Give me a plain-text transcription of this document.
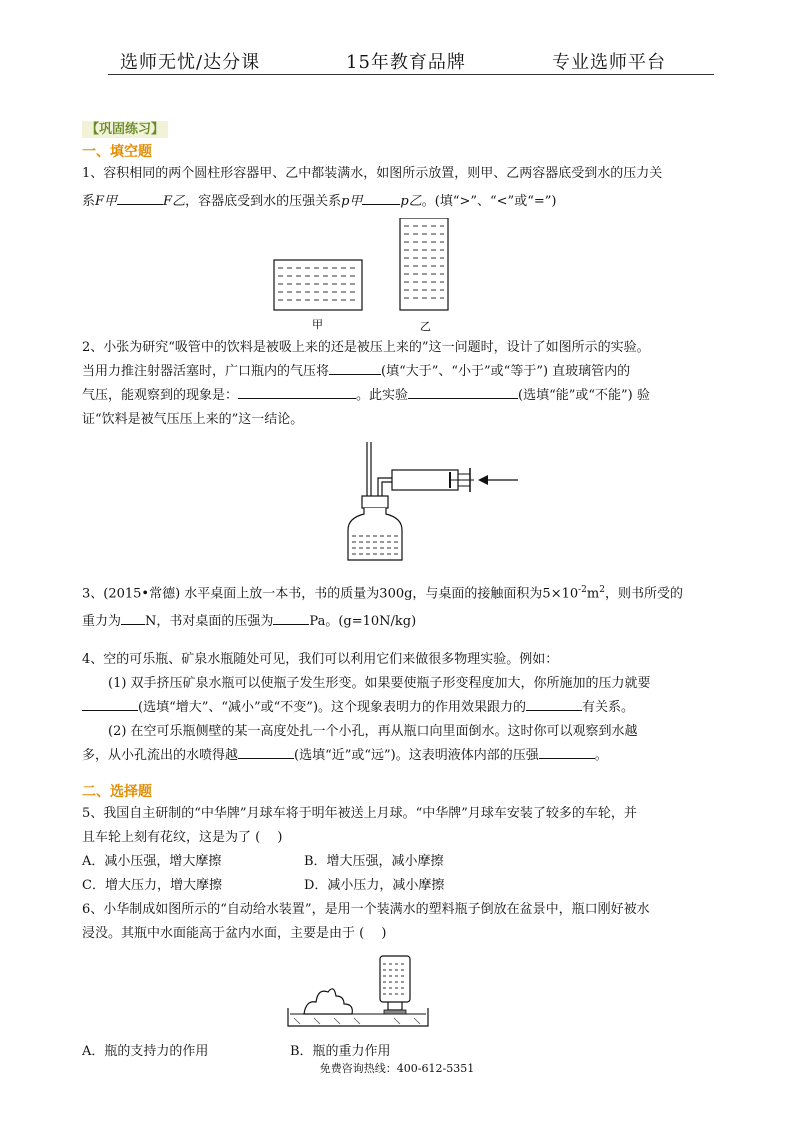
选师无忧/达分课	15年教育品牌	专业选师平台
【巩固练习】
一、填空题

1、容积相同的两个圆柱形容器甲、乙中都装满水，如图所示放置，则甲、乙两容器底受到水的压力关

系F甲	F乙，容器底受到水的压强关系p甲	p乙。(填“>”、“<”或“=”)

甲	乙

2、小张为研究“吸管中的饮料是被吸上来的还是被压上来的”这一问题时，设计了如图所示的实验。

当用力推注射器活塞时，广口瓶内的气压将	(填“大于”、“小于”或“等于”) 直玻璃管内的

气压，能观察到的现象是：	。此实验	(选填“能”或“不能”) 验

证“饮料是被气压压上来的”这一结论。

3、(2015•常德) 水平桌面上放一本书，书的质量为300g，与桌面的接触面积为$5\times 10^{-2}m^2$，则书所受的

重力为 N，书对桌面的压强为	Pa。(g=10N/kg)

4、空的可乐瓶、矿泉水瓶随处可见，我们可以利用它们来做很多物理实验。例如：

(1) 双手挤压矿泉水瓶可以使瓶子发生形变。如果要使瓶子形变程度加大，你所施加的压力就要

(选填“增大”、“减小”或“不变”)。这个现象表明力的作用效果跟力的	有关系。

(2) 在空可乐瓶侧壁的某一高度处扎一个小孔，再从瓶口向里面倒水。这时你可以观察到水越

多，从小孔流出的水喷得越	(选填“近”或“远”)。这表明液体内部的压强	。

二、选择题

5、我国自主研制的“中华牌”月球车将于明年被送上月球。“中华牌”月球车安装了较多的车轮，并

且车轮上刻有花纹，这是为了 (　 )

A．减小压强，增大摩擦	B．增大压强，减小摩擦
C．增大压力，增大摩擦	D．减小压力，减小摩擦

6、小华制成如图所示的“自动给水装置”，是用一个装满水的塑料瓶子倒放在盆景中，瓶口刚好被水

浸没。其瓶中水面能高于盆内水面，主要是由于 (　 )

A．瓶的支持力的作用	B．瓶的重力作用
免费咨询热线：400-612-5351
